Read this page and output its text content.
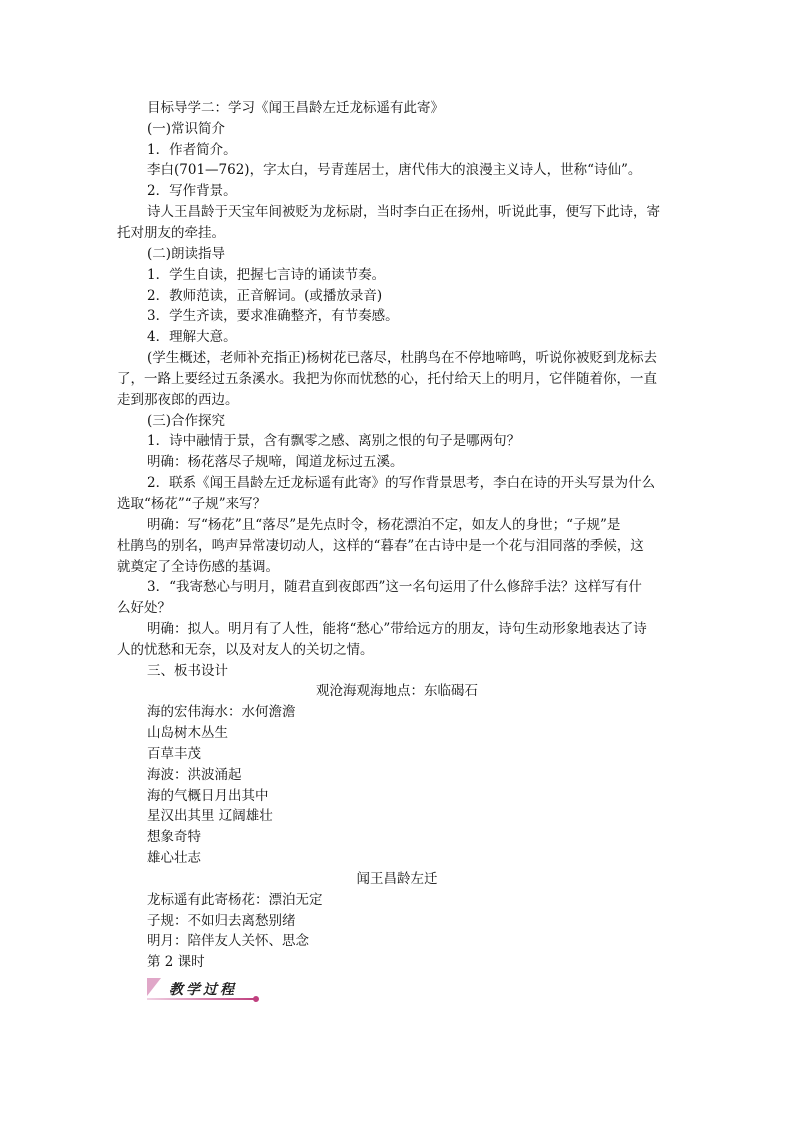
目标导学二：学习《闻王昌龄左迁龙标遥有此寄》
(一)常识简介
1．作者简介。
李白(701—762)，字太白，号青莲居士，唐代伟大的浪漫主义诗人，世称“诗仙”。
2．写作背景。
诗人王昌龄于天宝年间被贬为龙标尉，当时李白正在扬州，听说此事，便写下此诗，寄
托对朋友的牵挂。
(二)朗读指导
1．学生自读，把握七言诗的诵读节奏。
2．教师范读，正音解词。(或播放录音)
3．学生齐读，要求准确整齐，有节奏感。
4．理解大意。
(学生概述，老师补充指正)杨树花已落尽，杜鹃鸟在不停地啼鸣，听说你被贬到龙标去
了，一路上要经过五条溪水。我把为你而忧愁的心，托付给天上的明月，它伴随着你，一直
走到那夜郎的西边。
(三)合作探究
1．诗中融情于景，含有飘零之感、离别之恨的句子是哪两句？
明确：杨花落尽子规啼，闻道龙标过五溪。
2．联系《闻王昌龄左迁龙标遥有此寄》的写作背景思考，李白在诗的开头写景为什么
选取“杨花”“子规”来写？
明确：写“杨花”且“落尽”是先点时令，杨花漂泊不定，如友人的身世；“子规”是
杜鹃鸟的别名，鸣声异常凄切动人，这样的“暮春”在古诗中是一个花与泪同落的季候，这
就奠定了全诗伤感的基调。
3．“我寄愁心与明月，随君直到夜郎西”这一名句运用了什么修辞手法？这样写有什
么好处？
明确：拟人。明月有了人性，能将“愁心”带给远方的朋友，诗句生动形象地表达了诗
人的忧愁和无奈，以及对友人的关切之情。
三、板书设计
观沧海观海地点：东临碣石
海的宏伟海水：水何澹澹
山岛树木丛生
百草丰茂
海波：洪波涌起
海的气概日月出其中
星汉出其里 辽阔雄壮
想象奇特
雄心壮志
闻王昌龄左迁
龙标遥有此寄杨花：漂泊无定
子规：不如归去离愁别绪
明月：陪伴友人关怀、思念
第 2 课时
教学过程
